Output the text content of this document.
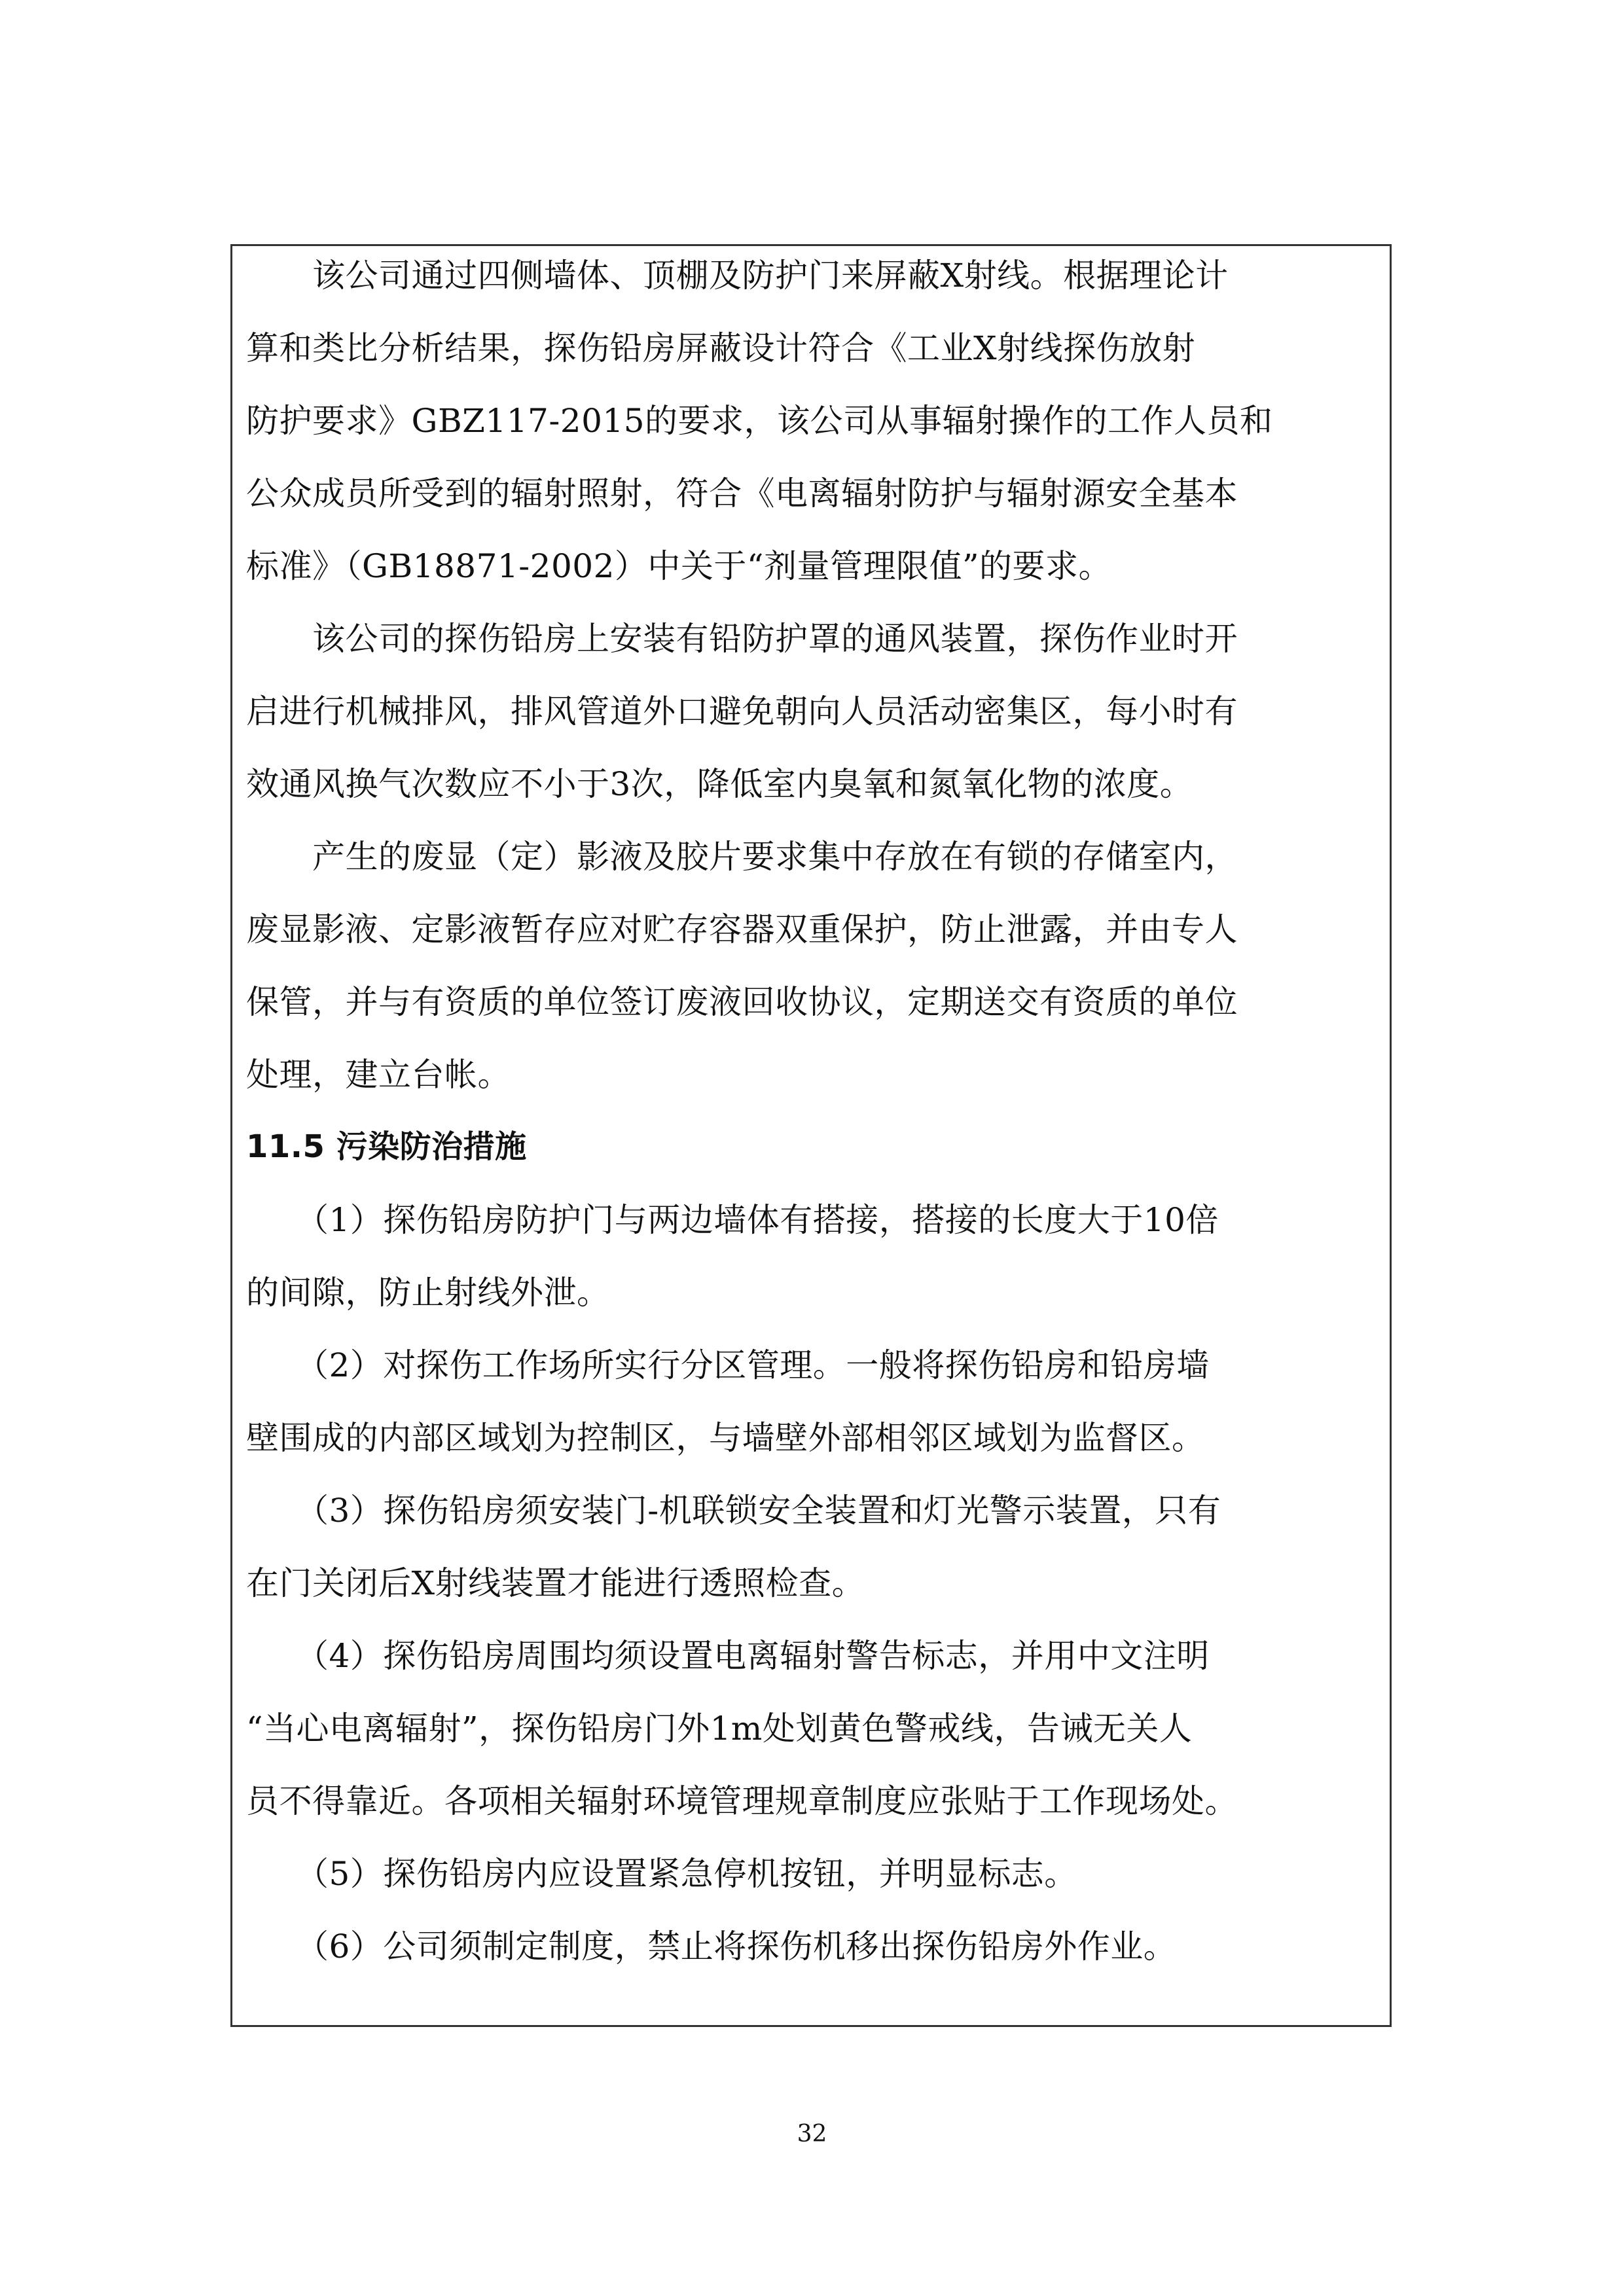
　　该公司通过四侧墙体、顶棚及防护门来屏蔽X射线。根据理论计
算和类比分析结果，探伤铅房屏蔽设计符合《工业X射线探伤放射
防护要求》GBZ117-2015的要求，该公司从事辐射操作的工作人员和
公众成员所受到的辐射照射，符合《电离辐射防护与辐射源安全基本
标准》（GB18871-2002）中关于“剂量管理限值”的要求。
　　该公司的探伤铅房上安装有铅防护罩的通风装置，探伤作业时开
启进行机械排风，排风管道外口避免朝向人员活动密集区，每小时有
效通风换气次数应不小于3次，降低室内臭氧和氮氧化物的浓度。
　　产生的废显（定）影液及胶片要求集中存放在有锁的存储室内，
废显影液、定影液暂存应对贮存容器双重保护，防止泄露，并由专人
保管，并与有资质的单位签订废液回收协议，定期送交有资质的单位
处理，建立台帐。
11.5 污染防治措施
　　（1）探伤铅房防护门与两边墙体有搭接，搭接的长度大于10倍
的间隙，防止射线外泄。
　　（2）对探伤工作场所实行分区管理。一般将探伤铅房和铅房墙
壁围成的内部区域划为控制区，与墙壁外部相邻区域划为监督区。
　　（3）探伤铅房须安装门-机联锁安全装置和灯光警示装置，只有
在门关闭后X射线装置才能进行透照检查。
　　（4）探伤铅房周围均须设置电离辐射警告标志，并用中文注明
“当心电离辐射”，探伤铅房门外1m处划黄色警戒线，告诫无关人
员不得靠近。各项相关辐射环境管理规章制度应张贴于工作现场处。
　　（5）探伤铅房内应设置紧急停机按钮，并明显标志。
　　（6）公司须制定制度，禁止将探伤机移出探伤铅房外作业。
32
